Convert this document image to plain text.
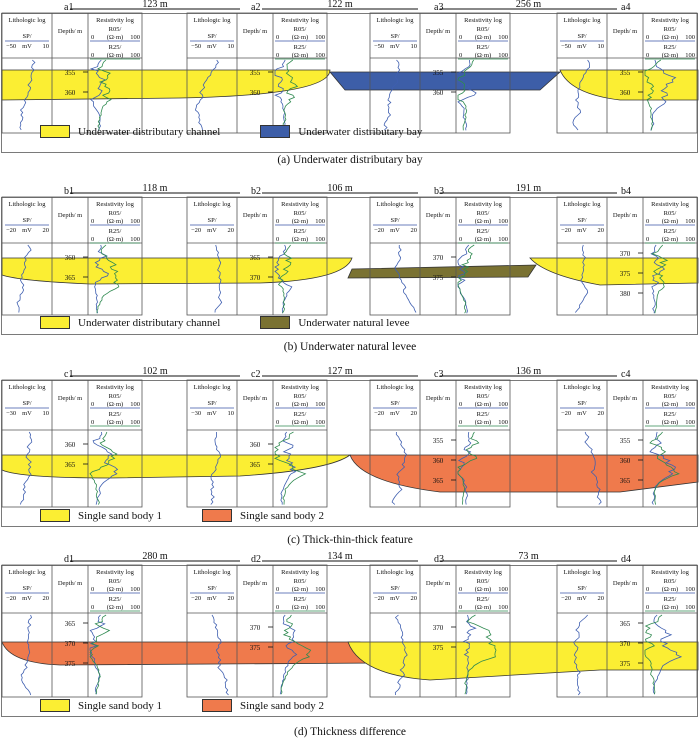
a1	a2	a3	a4
123 m	122 m	256 m
Lithologic log	Resistivity log
Depth/ m
SP/
−50 mV 10
R05/
0 (Ω·m) 100
R25/
0 (Ω·m) 100
355
360
Lithologic log	Resistivity log
Depth/ m
SP/
−50 mV 10
R05/
0 (Ω·m) 100
R25/
0 (Ω·m) 100
355
360
Lithologic log	Resistivity log
Depth/ m
SP/
−50 mV 10
R05/
0 (Ω·m) 100
R25/
0 (Ω·m) 100
355
360
Lithologic log	Resistivity log
Depth/ m
SP/
−50 mV 10
R05/
0 (Ω·m) 100
R25/
0 (Ω·m) 100
355
360
Underwater distributary channel	Underwater distributary bay
(a) Underwater distributary bay
b1	b2	b3	b4
118 m	106 m	191 m
Lithologic log	Resistivity log
Depth/ m
SP/
−20 mV 20
R05/
0 (Ω·m) 100
R25/
0 (Ω·m) 100
360
365
Lithologic log	Resistivity log
Depth/ m
SP/
−20 mV 20
R05/
0 (Ω·m) 100
R25/
0 (Ω·m) 100
365
370
Lithologic log	Resistivity log
Depth/ m
SP/
−20 mV 20
R05/
0 (Ω·m) 100
R25/
0 (Ω·m) 100
370
375
Lithologic log	Resistivity log
Depth/ m
SP/
−20 mV 20
R05/
0 (Ω·m) 100
R25/
0 (Ω·m) 100
370
375
380
Underwater distributary channel	Underwater natural levee
(b) Underwater natural levee
c1	c2	c3	c4
102 m	127 m	136 m
Lithologic log	Resistivity log
Depth/ m
SP/
−30 mV 10
R05/
0 (Ω·m) 100
R25/
0 (Ω·m) 100
360
365
Lithologic log	Resistivity log
Depth/ m
SP/
−30 mV 10
R05/
0 (Ω·m) 100
R25/
0 (Ω·m) 100
360
365
Lithologic log	Resistivity log
Depth/ m
SP/
−20 mV 20
R05/
0 (Ω·m) 100
R25/
0 (Ω·m) 100
355
360
365
Lithologic log	Resistivity log
Depth/ m
SP/
−20 mV 20
R05/
0 (Ω·m) 100
R25/
0 (Ω·m) 100
355
360
365
Single sand body 1	Single sand body 2
(c) Thick-thin-thick feature
d1	d2	d3	d4
280 m	134 m	73 m
Lithologic log	Resistivity log
Depth/ m
SP/
−20 mV 20
R05/
0 (Ω·m) 100
R25/
0 (Ω·m) 100
365
370
375
Lithologic log	Resistivity log
Depth/ m
SP/
−20 mV 20
R05/
0 (Ω·m) 100
R25/
0 (Ω·m) 100
370
375
Lithologic log	Resistivity log
Depth/ m
SP/
−20 mV 20
R05/
0 (Ω·m) 100
R25/
0 (Ω·m) 100
370
375
Lithologic log	Resistivity log
Depth/ m
SP/
−20 mV 20
R05/
0 (Ω·m) 100
R25/
0 (Ω·m) 100
365
370
375
Single sand body 1	Single sand body 2
(d) Thickness difference
